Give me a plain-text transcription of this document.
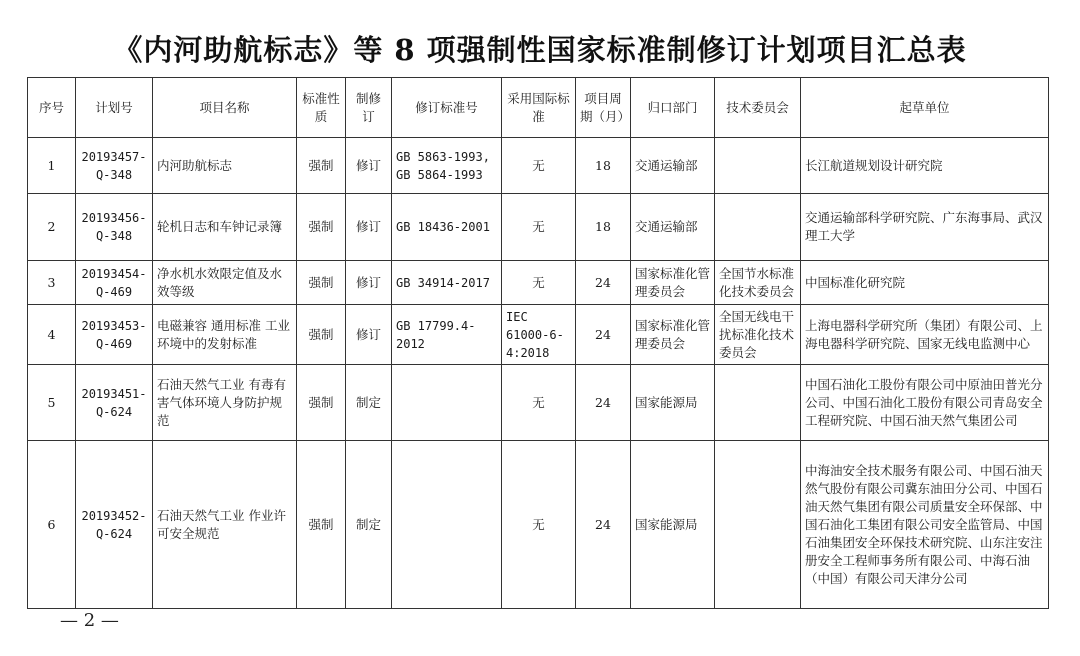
《内河助航标志》等 8 项强制性国家标准制修订计划项目汇总表
序号	计划号	项目名称	标准性质	制修订	修订标准号	采用国际标准	项目周期（月）	归口部门	技术委员会	起草单位
1	20193457-Q-348	内河助航标志	强制	修订	GB 5863-1993, GB 5864-1993	无	18	交通运输部		长江航道规划设计研究院
2	20193456-Q-348	轮机日志和车钟记录簿	强制	修订	GB 18436-2001	无	18	交通运输部		交通运输部科学研究院、广东海事局、武汉理工大学
3	20193454-Q-469	净水机水效限定值及水效等级	强制	修订	GB 34914-2017	无	24	国家标准化管理委员会	全国节水标准化技术委员会	中国标准化研究院
4	20193453-Q-469	电磁兼容 通用标准 工业环境中的发射标准	强制	修订	GB 17799.4-2012	IEC 61000-6-4:2018	24	国家标准化管理委员会	全国无线电干扰标准化技术委员会	上海电器科学研究所（集团）有限公司、上海电器科学研究院、国家无线电监测中心
5	20193451-Q-624	石油天然气工业 有毒有害气体环境人身防护规范	强制	制定		无	24	国家能源局		中国石油化工股份有限公司中原油田普光分公司、中国石油化工股份有限公司青岛安全工程研究院、中国石油天然气集团公司
6	20193452-Q-624	石油天然气工业 作业许可安全规范	强制	制定		无	24	国家能源局		中海油安全技术服务有限公司、中国石油天然气股份有限公司冀东油田分公司、中国石油天然气集团有限公司质量安全环保部、中国石油化工集团有限公司安全监管局、中国石油集团安全环保技术研究院、山东注安注册安全工程师事务所有限公司、中海石油（中国）有限公司天津分公司
— 2 —
